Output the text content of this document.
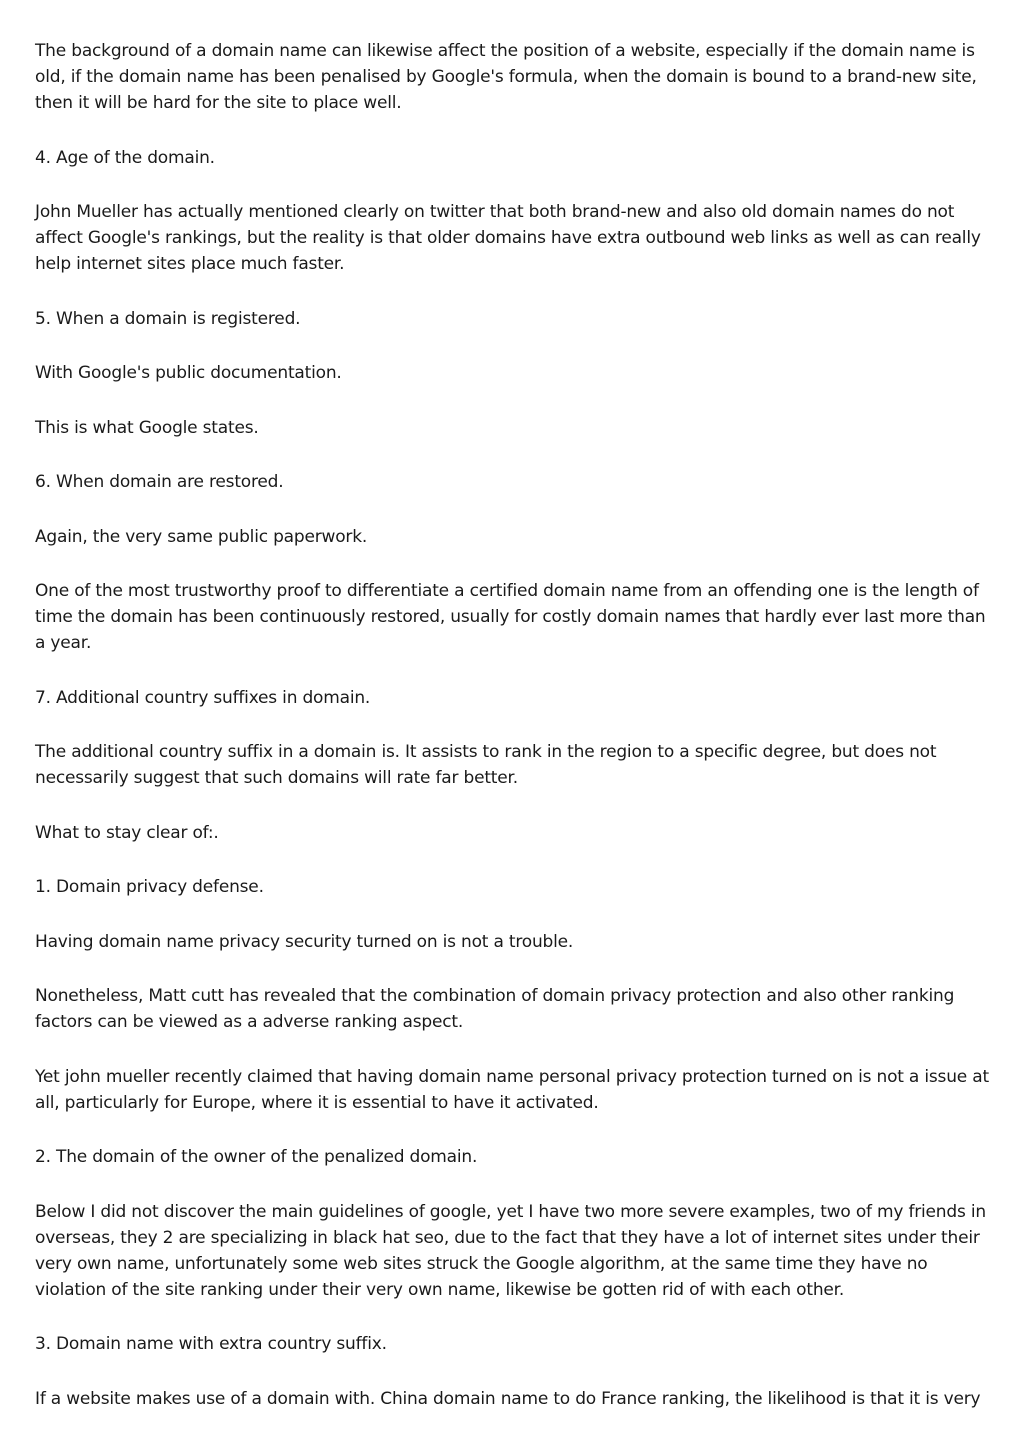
The background of a domain name can likewise affect the position of a website, especially if the domain name is old, if the domain name has been penalised by Google's formula, when the domain is bound to a brand-new site, then it will be hard for the site to place well.

4. Age of the domain.

John Mueller has actually mentioned clearly on twitter that both brand-new and also old domain names do not affect Google's rankings, but the reality is that older domains have extra outbound web links as well as can really help internet sites place much faster.

5. When a domain is registered.

With Google's public documentation.

This is what Google states.

6. When domain are restored.

Again, the very same public paperwork.

One of the most trustworthy proof to differentiate a certified domain name from an offending one is the length of time the domain has been continuously restored, usually for costly domain names that hardly ever last more than a year.

7. Additional country suffixes in domain.

The additional country suffix in a domain is. It assists to rank in the region to a specific degree, but does not necessarily suggest that such domains will rate far better.

What to stay clear of:.

1. Domain privacy defense.

Having domain name privacy security turned on is not a trouble.

Nonetheless, Matt cutt has revealed that the combination of domain privacy protection and also other ranking factors can be viewed as a adverse ranking aspect.

Yet john mueller recently claimed that having domain name personal privacy protection turned on is not a issue at all, particularly for Europe, where it is essential to have it activated.

2. The domain of the owner of the penalized domain.

Below I did not discover the main guidelines of google, yet I have two more severe examples, two of my friends in overseas, they 2 are specializing in black hat seo, due to the fact that they have a lot of internet sites under their very own name, unfortunately some web sites struck the Google algorithm, at the same time they have no violation of the site ranking under their very own name, likewise be gotten rid of with each other.

3. Domain name with extra country suffix.

If a website makes use of a domain with. China domain name to do France ranking, the likelihood is that it is very
